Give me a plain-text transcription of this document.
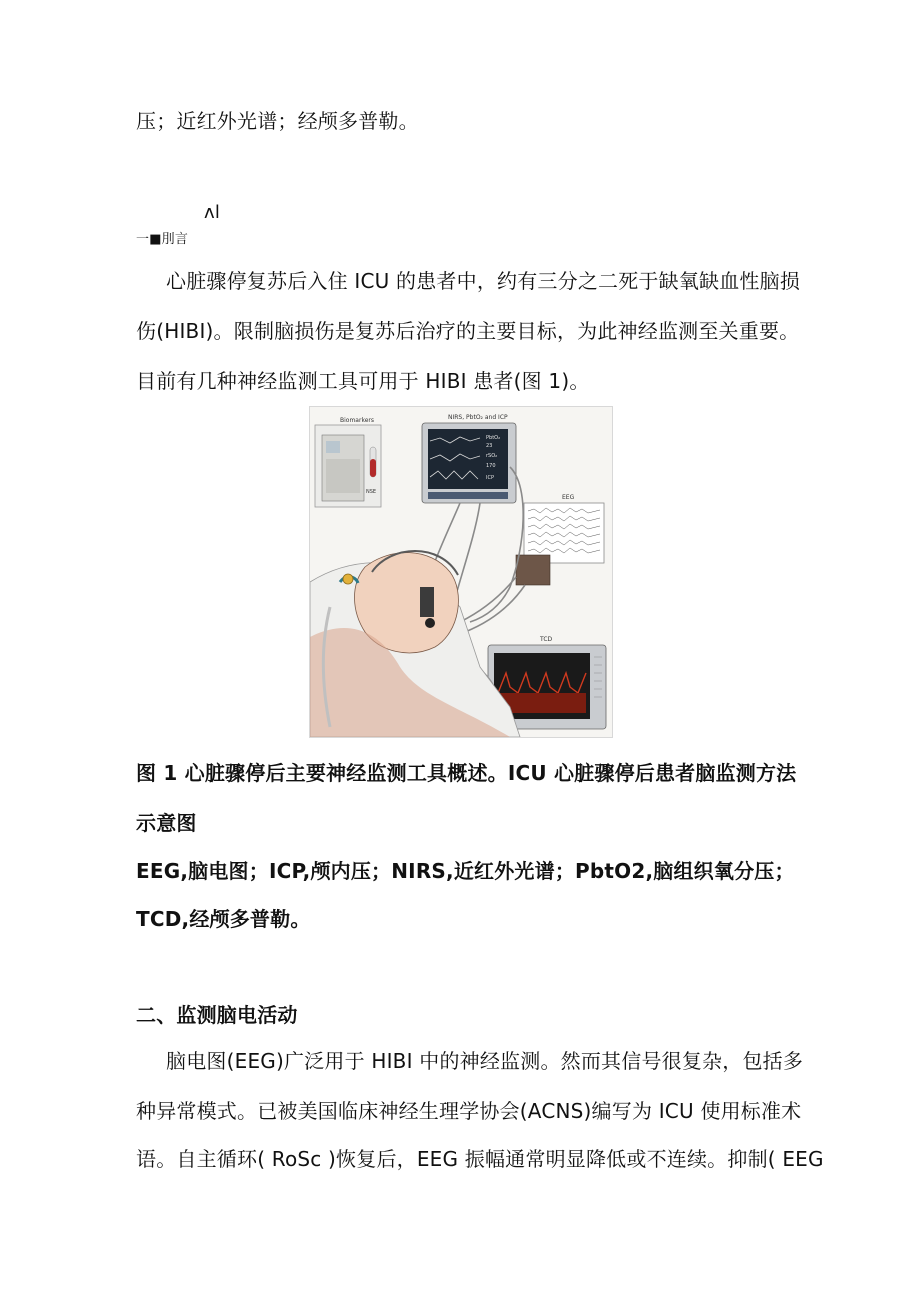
压；近红外光谱；经颅多普勒。
ᴧl
一■刖言
心脏骤停复苏后入住 ICU 的患者中，约有三分之二死于缺氧缺血性脑损
伤(HIBI)。限制脑损伤是复苏后治疗的主要目标，为此神经监测至关重要。
目前有几种神经监测工具可用于 HIBI 患者(图 1)。
Biomarkers
NSE
NIRS, PbtO₂ and ICP
PbtO₂
23
rSO₂
170
ICP
EEG
TCD
图 1 心脏骤停后主要神经监测工具概述。ICU 心脏骤停后患者脑监测方法
示意图
EEG,脑电图；ICP,颅内压；NIRS,近红外光谱；PbtO2,脑组织氧分压；
TCD,经颅多普勒。
二、监测脑电活动
脑电图(EEG)广泛用于 HIBI 中的神经监测。然而其信号很复杂，包括多
种异常模式。已被美国临床神经生理学协会(ACNS)编写为 ICU 使用标准术
语。自主循环( RoSc )恢复后，EEG 振幅通常明显降低或不连续。抑制( EEG
